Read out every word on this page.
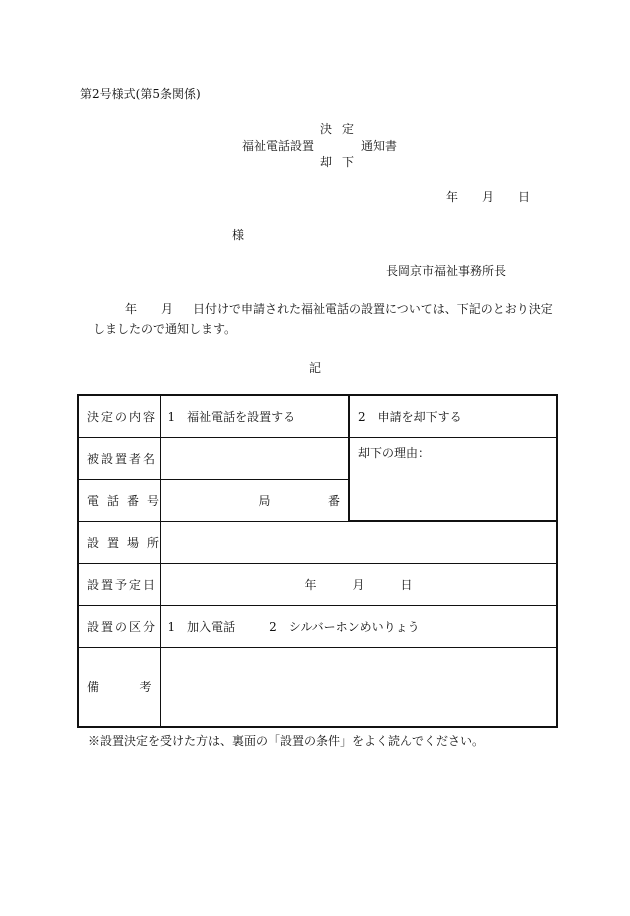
第2号様式(第5条関係)
決定
福祉電話設置	通知書
却下
年 月 日
様
長岡京市福祉事務所長
年 月 日付けで申請された福祉電話の設置については、下記のとおり決定
しましたので通知します。
記
決定の内容	1　福祉電話を設置する	2　申請を却下する
被設置者名		却下の理由：
電話番号	局 番	

設置場所		
設置予定日	年 月 日	
設置の区分	1　加入電話 2　シルバーホンめいりょう	

備 考		

※設置決定を受けた方は、裏面の「設置の条件」をよく読んでください。
